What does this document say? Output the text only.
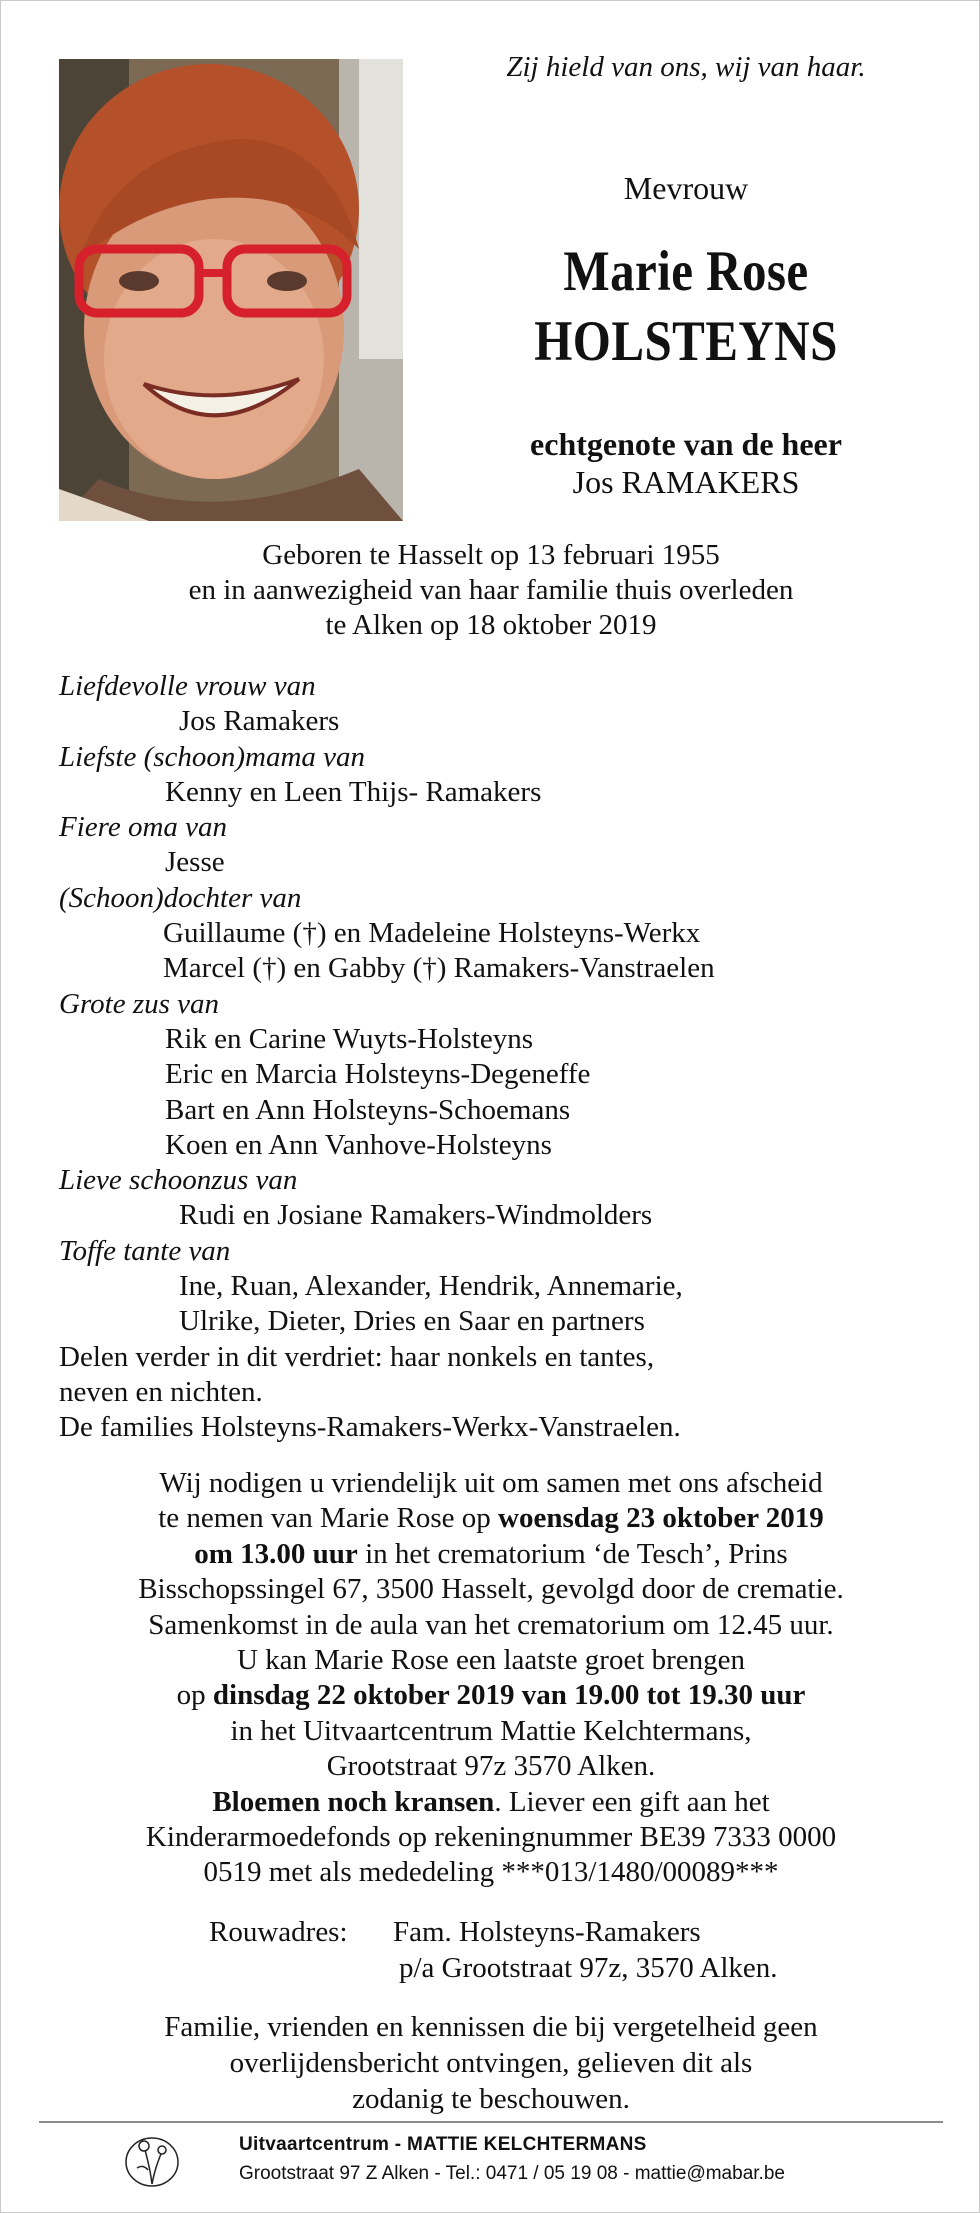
Zij hield van ons, wij van haar.

Mevrouw

Marie Rose
HOLSTEYNS
echtgenote van de heer
Jos RAMAKERS
Geboren te Hasselt op 13 februari 1955
en in aanwezigheid van haar familie thuis overleden
te Alken op 18 oktober 2019
Liefdevolle vrouw van
Jos Ramakers
Liefste (schoon)mama van
Kenny en Leen Thijs- Ramakers
Fiere oma van
Jesse
(Schoon)dochter van
Guillaume (†) en Madeleine Holsteyns-Werkx
Marcel (†) en Gabby (†) Ramakers-Vanstraelen
Grote zus van
Rik en Carine Wuyts-Holsteyns
Eric en Marcia Holsteyns-Degeneffe
Bart en Ann Holsteyns-Schoemans
Koen en Ann Vanhove-Holsteyns
Lieve schoonzus van
Rudi en Josiane Ramakers-Windmolders
Toffe tante van
Ine, Ruan, Alexander, Hendrik, Annemarie,
Ulrike, Dieter, Dries en Saar en partners
Delen verder in dit verdriet: haar nonkels en tantes,
neven en nichten.
De families Holsteyns-Ramakers-Werkx-Vanstraelen.
Wij nodigen u vriendelijk uit om samen met ons afscheid
te nemen van Marie Rose op woensdag 23 oktober 2019
om 13.00 uur in het crematorium ‘de Tesch’, Prins
Bisschopssingel 67, 3500 Hasselt, gevolgd door de crematie.
Samenkomst in de aula van het crematorium om 12.45 uur.
U kan Marie Rose een laatste groet brengen
op dinsdag 22 oktober 2019 van 19.00 tot 19.30 uur
in het Uitvaartcentrum Mattie Kelchtermans,
Grootstraat 97z 3570 Alken.
Bloemen noch kransen. Liever een gift aan het
Kinderarmoedefonds op rekeningnummer BE39 7333 0000
0519 met als mededeling ***013/1480/00089***
Rouwadres: Fam. Holsteyns-Ramakers
p/a Grootstraat 97z, 3570 Alken.
Familie, vrienden en kennissen die bij vergetelheid geen
overlijdensbericht ontvingen, gelieven dit als
zodanig te beschouwen.
Uitvaartcentrum - MATTIE KELCHTERMANS
Grootstraat 97 Z Alken - Tel.: 0471 / 05 19 08 - mattie@mabar.be
